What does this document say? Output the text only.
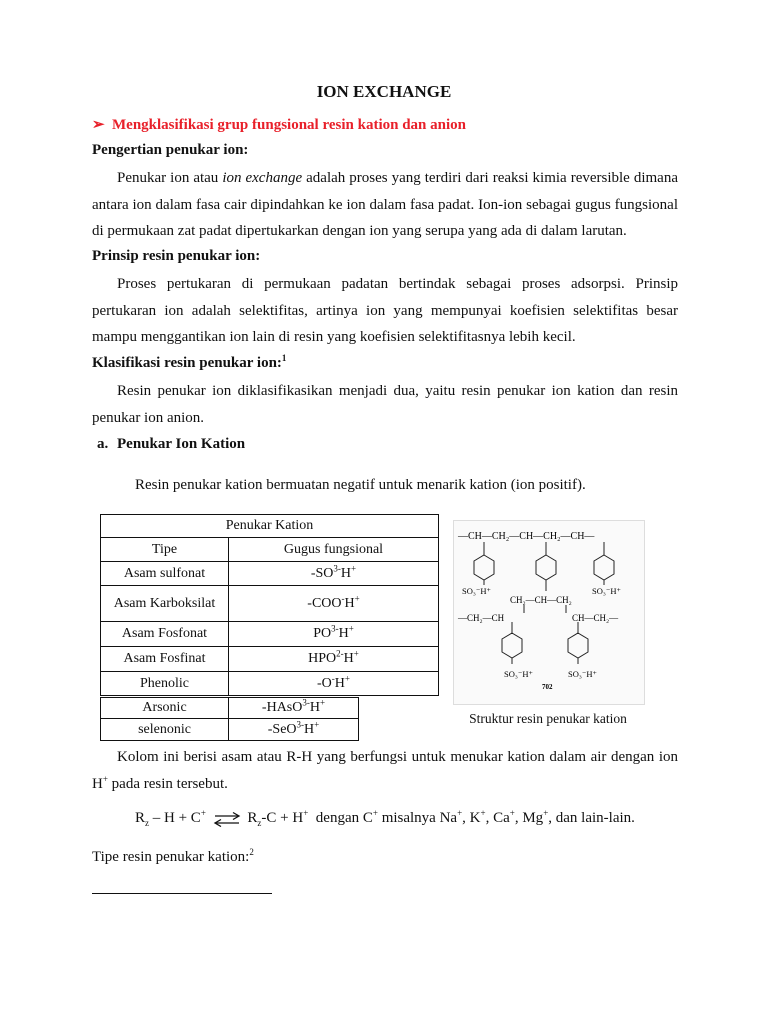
ION EXCHANGE
➢ Mengklasifikasi grup fungsional resin kation dan anion
Pengertian penukar ion:
Penukar ion atau ion exchange adalah proses yang terdiri dari reaksi kimia reversible dimana antara ion dalam fasa cair dipindahkan ke ion dalam fasa padat. Ion-ion sebagai gugus fungsional di permukaan zat padat dipertukarkan dengan ion yang serupa yang ada di dalam larutan.
Prinsip resin penukar ion:
Proses pertukaran di permukaan padatan bertindak sebagai proses adsorpsi. Prinsip pertukaran ion adalah selektifitas, artinya ion yang mempunyai koefisien selektifitas besar mampu menggantikan ion lain di resin yang koefisien selektifitasnya lebih kecil.
Klasifikasi resin penukar ion:$^1$
Resin penukar ion diklasifikasikan menjadi dua, yaitu resin penukar ion kation dan resin penukar ion anion.
a. Penukar Ion Kation
Resin penukar kation bermuatan negatif untuk menarik kation (ion positif).
Penukar Kation	
Tipe	Gugus fungsional
Asam sulfonat	$-SO^{3-}H^+$
Asam Karboksilat	-COO-H+
Asam Fosfonat	$PO^{3-}H^+$
Asam Fosfinat	$HPO^{2-}H^+$
Phenolic	-O-H+
Arsonic	-HAsO$^{3-}$H+
selenonic	-SeO$^{3-}$H+
—CH—CH₂—CH—CH₂—CH—
SO₃⁻H⁺	SO₃⁻H⁺
CH₂—CH—CH₂
—CH₂—CH	CH—CH₂—
SO₃⁻H⁺	SO₃⁻H⁺
702
Struktur resin penukar kation
Kolom ini berisi asam atau R-H yang berfungsi untuk menukar kation dalam air dengan ion H+ pada resin tersebut.
$R_z - H + C^+$ ⇌ $R_z-C + H^+$ dengan C+ misalnya Na+, K+, Ca+, Mg+, dan lain-lain.
Tipe resin penukar kation:$^2$
